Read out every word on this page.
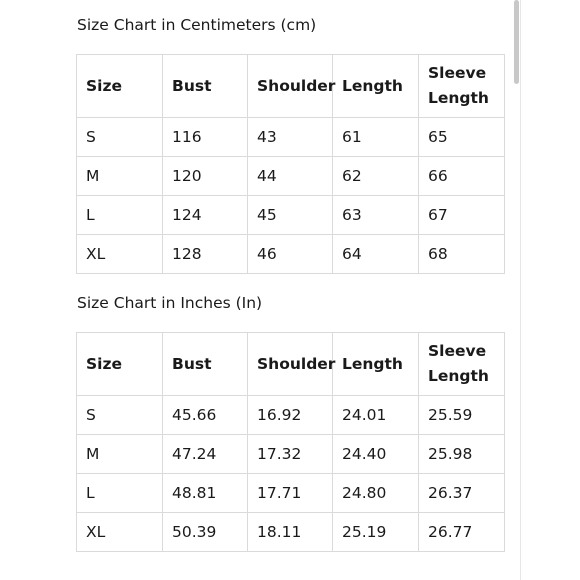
Size Chart in Centimeters (cm)
Size	Bust	Shoulder	Length	Sleeve Length
S	116	43	61	65
M	120	44	62	66
L	124	45	63	67
XL	128	46	64	68
Size Chart in Inches (In)
Size	Bust	Shoulder	Length	Sleeve Length
S	45.66	16.92	24.01	25.59
M	47.24	17.32	24.40	25.98
L	48.81	17.71	24.80	26.37
XL	50.39	18.11	25.19	26.77
